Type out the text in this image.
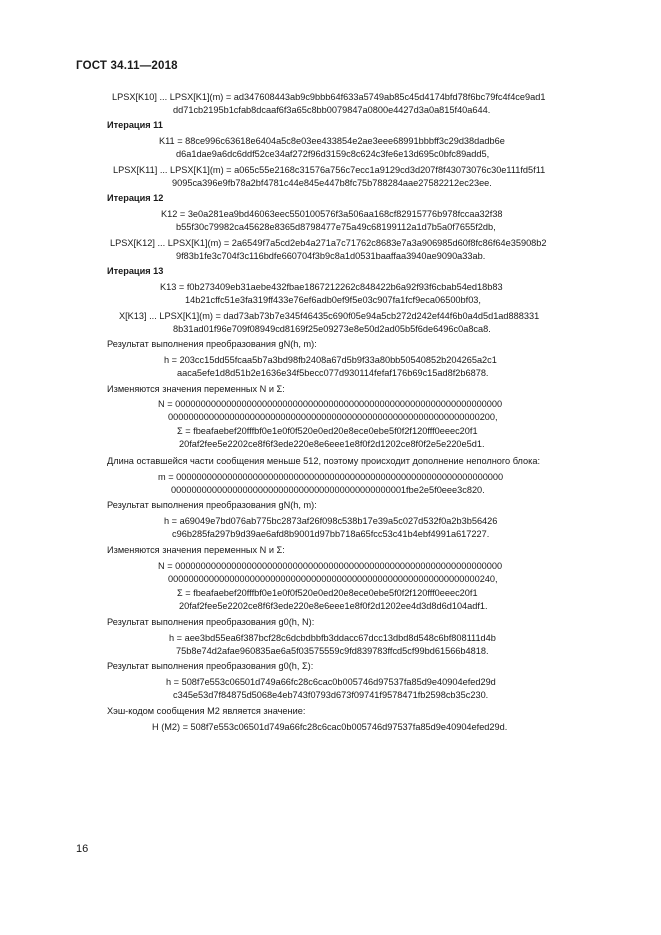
ГОСТ 34.11—2018
LPSX[K10] ... LPSX[K1](m) = ad347608443ab9c9bbb64f633a5749ab85c45d4174bfd78f6bc79fc4f4ce9ad1
dd71cb2195b1cfab8dcaaf6f3a65c8bb0079847a0800e4427d3a0a815f40a644.
Итерация 11
K11 = 88ce996c63618e6404a5c8e03ee433854e2ae3eee68991bbbff3c29d38dadb6e
d6a1dae9a6dc6ddf52ce34af272f96d3159c8c624c3fe6e13d695c0bfc89add5,
LPSX[K11] ... LPSX[K1](m) = a065c55e2168c31576a756c7ecc1a9129cd3d207f8f43073076c30e111fd5f11
9095ca396e9fb78a2bf4781c44e845e447b8fc75b788284aae27582212ec23ee.
Итерация 12
K12 = 3e0a281ea9bd46063eec550100576f3a506aa168cf82915776b978fccaa32f38
b55f30c79982ca45628e8365d8798477e75a49c68199112a1d7b5a0f7655f2db,
LPSX[K12] ... LPSX[K1](m) = 2a6549f7a5cd2eb4a271a7c71762c8683e7a3a906985d60f8fc86f64e35908b2
9f83b1fe3c704f3c116bdfe660704f3b9c8a1d0531baaffaa3940ae9090a33ab.
Итерация 13
K13 = f0b273409eb31aebe432fbae1867212262c848422b6a92f93f6cbab54ed18b83
14b21cffc51e3fa319ff433e76ef6adb0ef9f5e03c907fa1fcf9eca06500bf03,
X[K13] ... LPSX[K1](m) = dad73ab73b7e345f46435c690f05e94a5cb272d242ef44f6b0a4d5d1ad888331
8b31ad01f96e709f08949cd8169f25e09273e8e50d2ad05b5f6de6496c0a8ca8.
Результат выполнения преобразования gN(h, m):
h = 203cc15dd55fcaa5b7a3bd98fb2408a67d5b9f33a80bb50540852b204265a2c1
aaca5efe1d8d51b2e1636e34f5becc077d930114fefaf176b69c15ad8f2b6878.
Изменяются значения переменных N и Σ:
N = 0000000000000000000000000000000000000000000000000000000000000000
0000000000000000000000000000000000000000000000000000000000000200,
Σ = fbeafaebef20fffbf0e1e0f0f520e0ed20e8ece0ebe5f0f2f120fff0eeec20f1
20faf2fee5e2202ce8f6f3ede220e8e6eee1e8f0f2d1202ce8f0f2e5e220e5d1.
Длина оставшейся части сообщения меньше 512, поэтому происходит дополнение неполного блока:
m = 0000000000000000000000000000000000000000000000000000000000000000
0000000000000000000000000000000000000000000001fbe2e5f0eee3c820.
Результат выполнения преобразования gN(h, m):
h = a69049e7bd076ab775bc2873af26f098c538b17e39a5c027d532f0a2b3b56426
c96b285fa297b9d39ae6afd8b9001d97bb718a65fcc53c41b4ebf4991a617227.
Изменяются значения переменных N и Σ:
N = 0000000000000000000000000000000000000000000000000000000000000000
0000000000000000000000000000000000000000000000000000000000000240,
Σ = fbeafaebef20fffbf0e1e0f0f520e0ed20e8ece0ebe5f0f2f120fff0eeec20f1
20faf2fee5e2202ce8f6f3ede220e8e6eee1e8f0f2d1202ee4d3d8d6d104adf1.
Результат выполнения преобразования g0(h, N):
h = aee3bd55ea6f387bcf28c6dcbdbbfb3ddacc67dcc13dbd8d548c6bf808111d4b
75b8e74d2afae960835ae6a5f03575559c9fd839783ffcd5cf99bd61566b4818.
Результат выполнения преобразования g0(h, Σ):
h = 508f7e553c06501d749a66fc28c6cac0b005746d97537fa85d9e40904efed29d
c345e53d7f84875d5068e4eb743f0793d673f09741f9578471fb2598cb35c230.
Хэш-кодом сообщения M2 является значение:
H (M2) = 508f7e553c06501d749a66fc28c6cac0b005746d97537fa85d9e40904efed29d.
16
